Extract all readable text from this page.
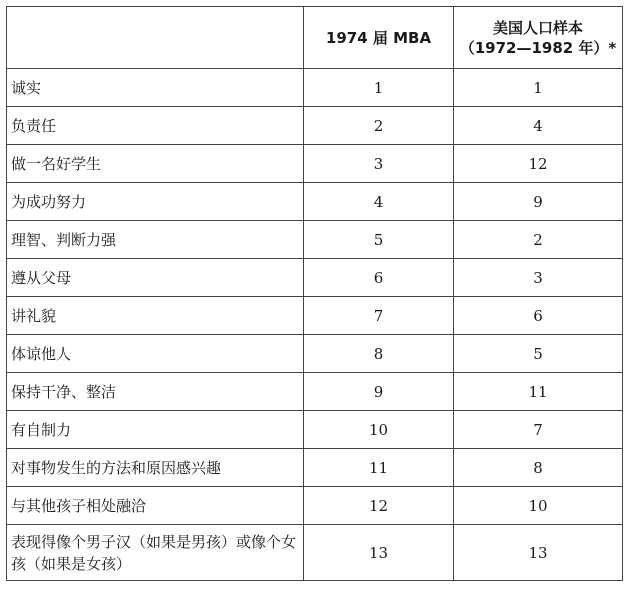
	1974 届 MBA	美国人口样本
（1972—1982 年）*

诚实	1	1
负责任	2	4
做一名好学生	3	12
为成功努力	4	9
理智、判断力强	5	2
遵从父母	6	3
讲礼貌	7	6
体谅他人	8	5
保持干净、整洁	9	11
有自制力	10	7
对事物发生的方法和原因感兴趣	11	8
与其他孩子相处融洽	12	10
表现得像个男子汉（如果是男孩）或像个女孩（如果是女孩）	13	13
